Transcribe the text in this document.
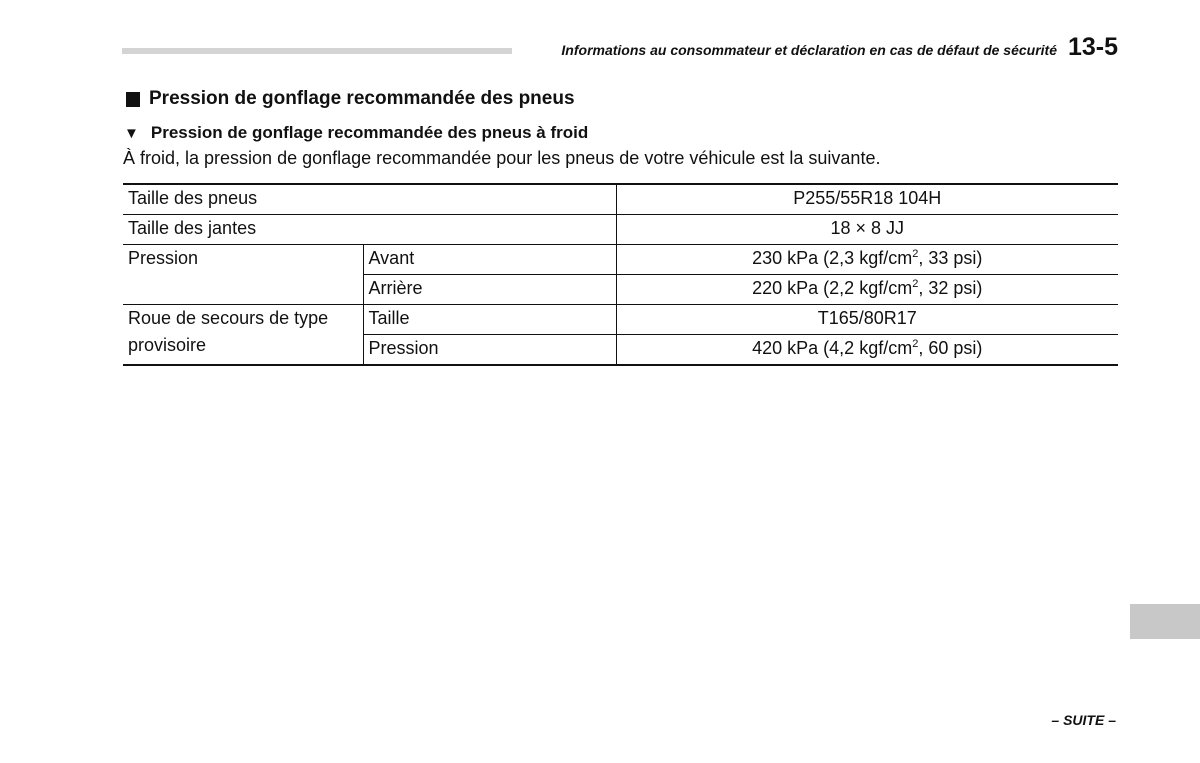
Informations au consommateur et déclaration en cas de défaut de sécurité 13-5
Pression de gonflage recommandée des pneus
▼ Pression de gonflage recommandée des pneus à froid
À froid, la pression de gonflage recommandée pour les pneus de votre véhicule est la suivante.
Taille des pneus		P255/55R18 104H
Taille des jantes		18 × 8 JJ
Pression	Avant	230 kPa (2,3 kgf/$cm^2$, 33 psi)
	Arrière	220 kPa (2,2 kgf/$cm^2$, 32 psi)
Roue de secours de type provisoire	Taille	T165/80R17
	Pression	420 kPa (4,2 kgf/$cm^2$, 60 psi)
– SUITE –
